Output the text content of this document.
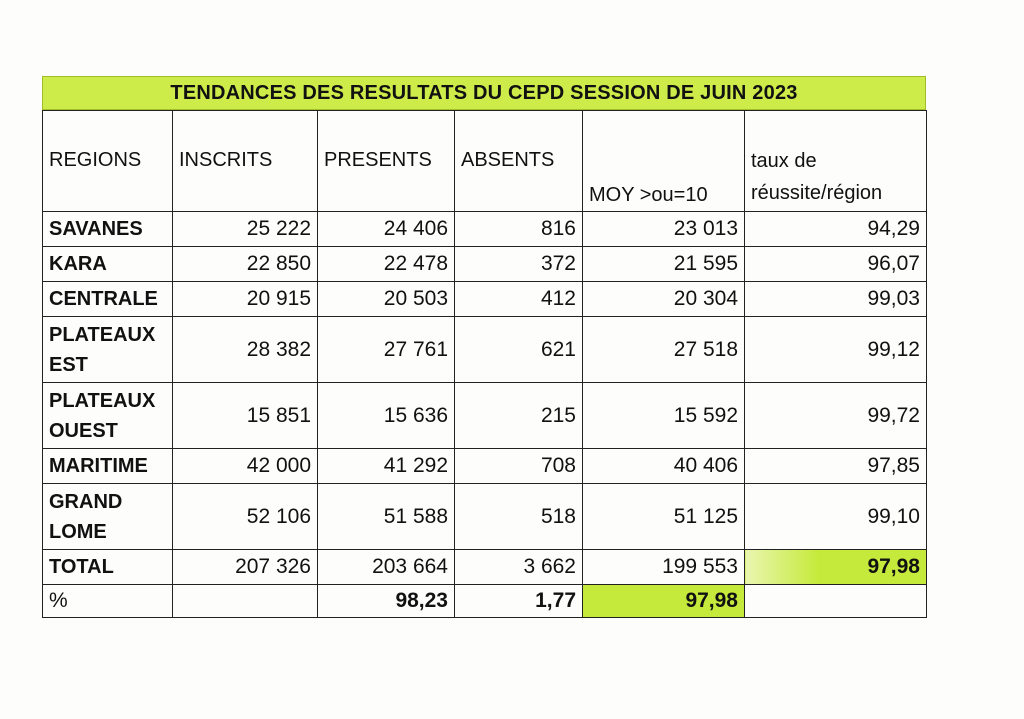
TENDANCES DES RESULTATS DU CEPD SESSION DE JUIN 2023
REGIONS	INSCRITS	PRESENTS	ABSENTS	MOY >ou=10	taux de
réussite/région

SAVANES	25 222	24 406	816	23 013	94,29
KARA	22 850	22 478	372	21 595	96,07
CENTRALE	20 915	20 503	412	20 304	99,03

PLATEAUX
EST	28 382	27 761	621	27 518	99,12

PLATEAUX
OUEST	15 851	15 636	215	15 592	99,72
MARITIME	42 000	41 292	708	40 406	97,85

GRAND
LOME	52 106	51 588	518	51 125	99,10
TOTAL	207 326	203 664	3 662	199 553	97,98
%		98,23	1,77	97,98	
